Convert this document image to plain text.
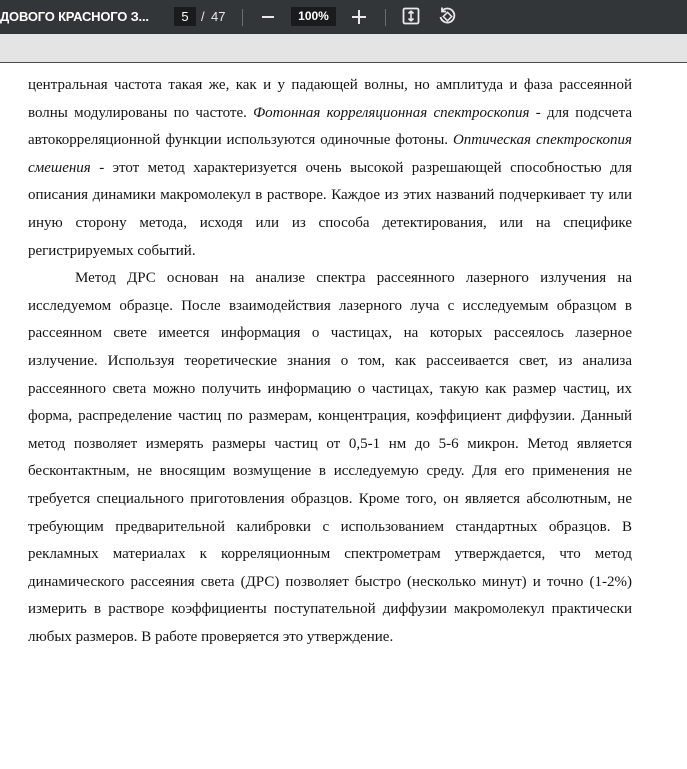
ДОВОГО КРАСНОГО З...	5 / 47	100%

центральная частота такая же, как и у падающей волны, но амплитуда и фаза рассеянной волны модулированы по частоте. Фотонная корреляционная спектроскопия - для подсчета автокорреляционной функции используются одиночные фотоны. Оптическая спектроскопия смешения - этот метод характеризуется очень высокой разрешающей способностью для описания динамики макромолекул в растворе. Каждое из этих названий подчеркивает ту или иную сторону метода, исходя или из способа детектирования, или на специфике регистрируемых событий.

Метод ДРС основан на анализе спектра рассеянного лазерного излучения на исследуемом образце. После взаимодействия лазерного луча с исследуемым образцом в рассеянном свете имеется информация о частицах, на которых рассеялось лазерное излучение. Используя теоретические знания о том, как рассеивается свет, из анализа рассеянного света можно получить информацию о частицах, такую как размер частиц, их форма, распределение частиц по размерам, концентрация, коэффициент диффузии. Данный метод позволяет измерять размеры частиц от 0,5-1 нм до 5-6 микрон. Метод является бесконтактным, не вносящим возмущение в исследуемую среду. Для его применения не требуется специального приготовления образцов. Кроме того, он является абсолютным, не требующим предварительной калибровки с использованием стандартных образцов. В рекламных материалах к корреляционным спектрометрам утверждается, что метод динамического рассеяния света (ДРС) позволяет быстро (несколько минут) и точно (1-2%) измерить в растворе коэффициенты поступательной диффузии макромолекул практически любых размеров. В работе проверяется это утверждение.
